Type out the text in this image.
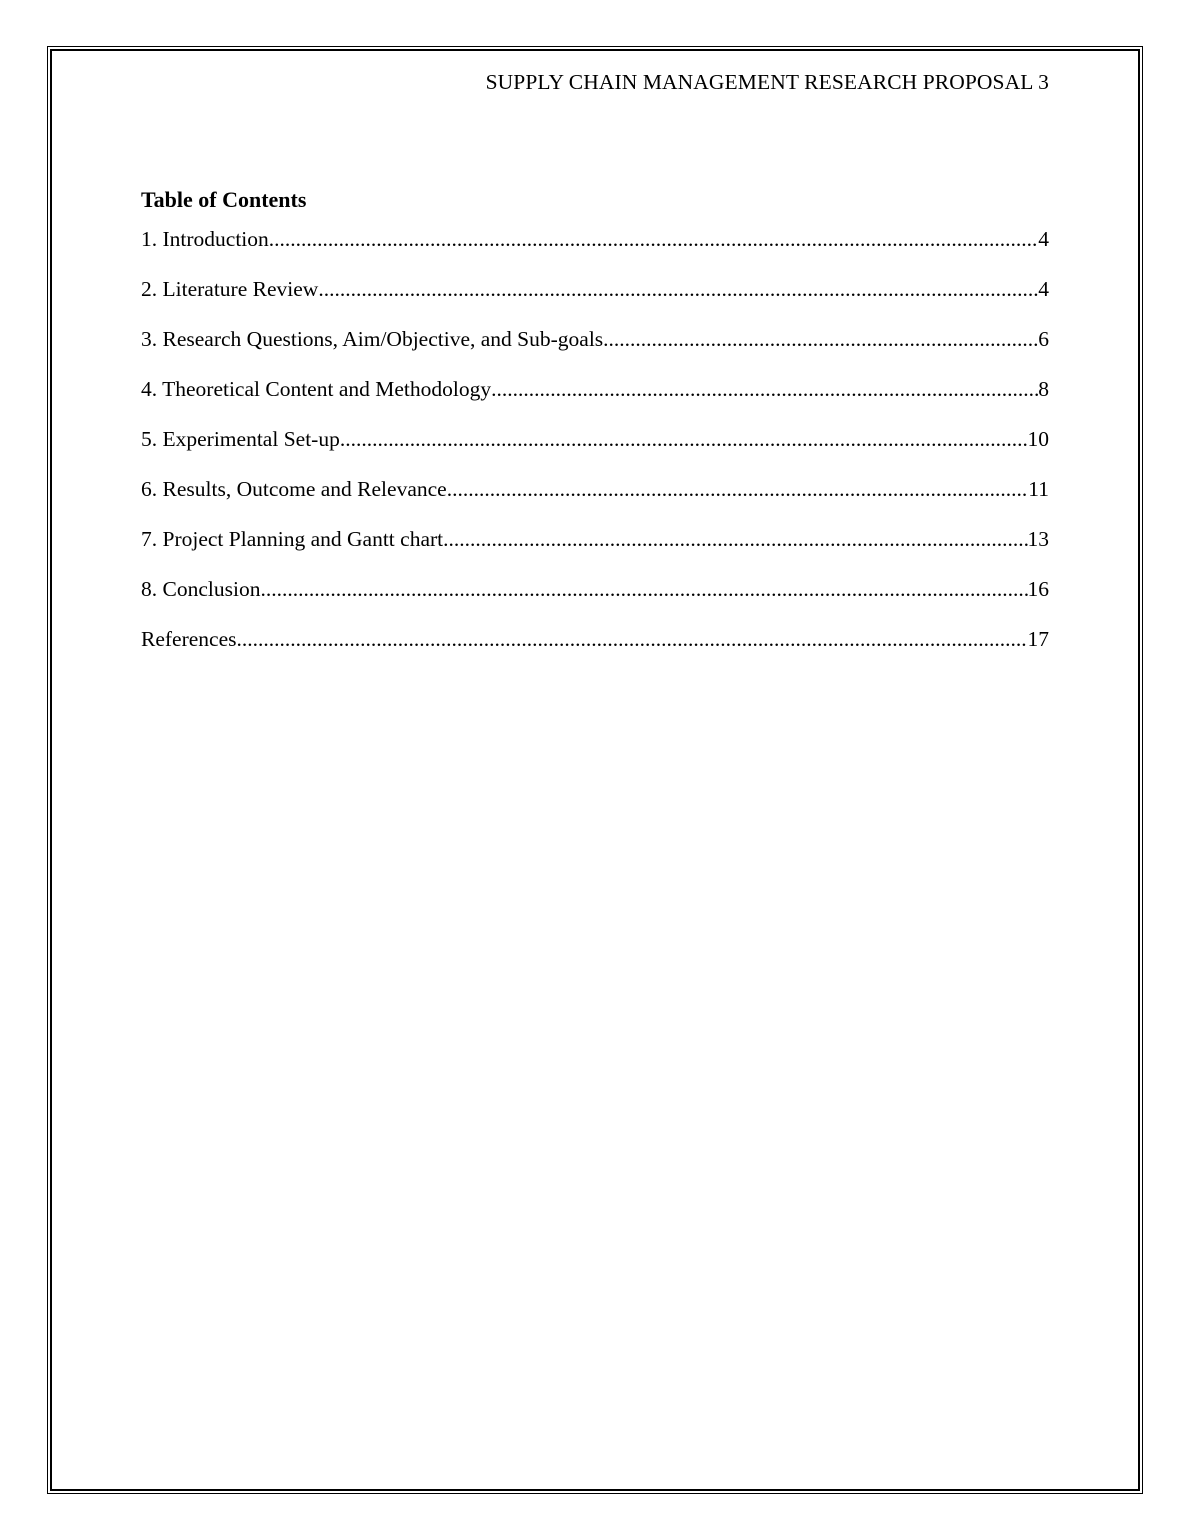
SUPPLY CHAIN MANAGEMENT RESEARCH PROPOSAL 3
Table of Contents
1. Introduction .....	4
2. Literature Review .....	4
3. Research Questions, Aim/Objective, and Sub-goals .....	6
4. Theoretical Content and Methodology .....	8
5. Experimental Set-up .....	10
6. Results, Outcome and Relevance .....	11
7. Project Planning and Gantt chart .....	13
8. Conclusion .....	16
References .....	17
